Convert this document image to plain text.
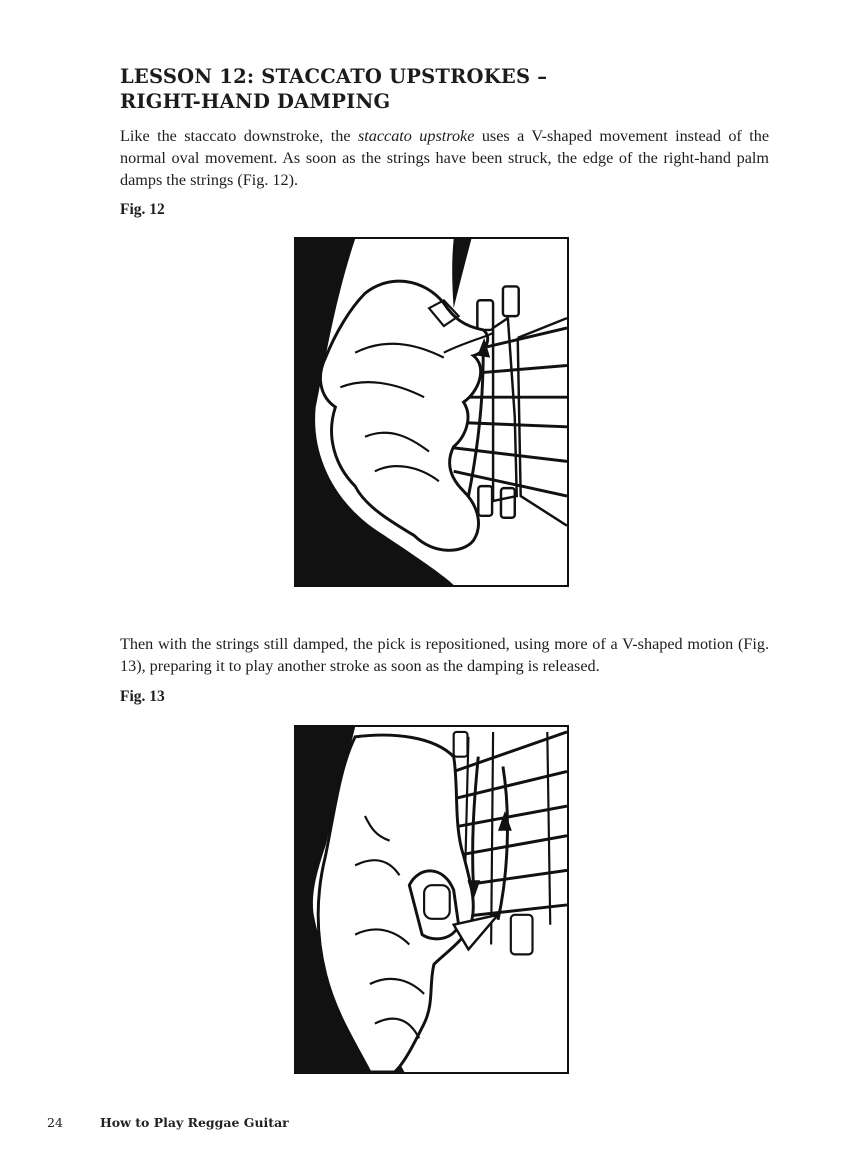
LESSON 12: STACCATO UPSTROKES –
RIGHT-HAND DAMPING

Like the staccato downstroke, the staccato upstroke uses a V-shaped movement instead of the normal oval movement. As soon as the strings have been struck, the edge of the right-hand palm damps the strings (Fig. 12).

Fig. 12

Then with the strings still damped, the pick is repositioned, using more of a V-shaped motion (Fig. 13), preparing it to play another stroke as soon as the damping is released.

Fig. 13

24	How to Play Reggae Guitar
